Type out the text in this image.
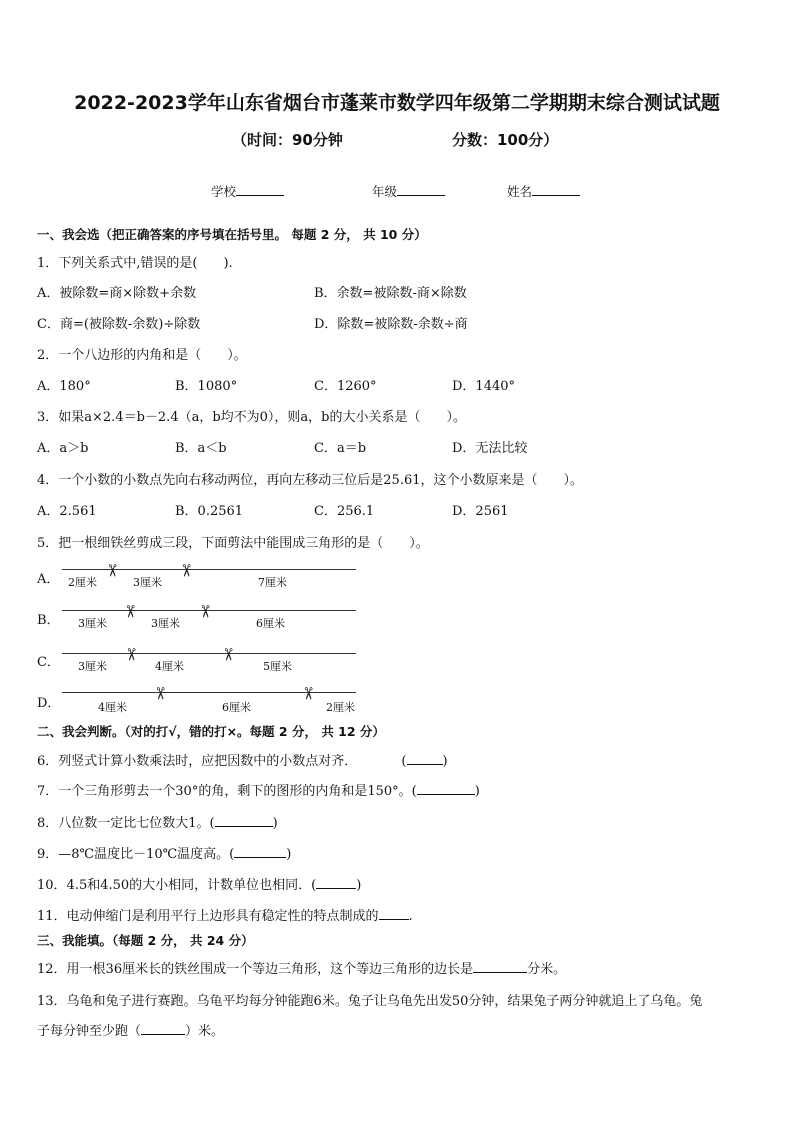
2022-2023学年山东省烟台市蓬莱市数学四年级第二学期期末综合测试试题
（时间：90分钟	分数：100分）
学校	年级	姓名
一、我会选（把正确答案的序号填在括号里。 每题 2 分， 共 10 分）
1．下列关系式中,错误的是(　　).
A．被除数=商×除数+余数	B．余数=被除数-商×除数
C．商=(被除数-余数)÷除数	D．除数=被除数-余数÷商
2．一个八边形的内角和是（　　）。
A．180°	B．1080°	C．1260°	D．1440°
3．如果a×2.4＝b－2.4（a，b均不为0），则a，b的大小关系是（　　）。
A．a＞b	B．a＜b	C．a＝b	D．无法比较
4．一个小数的小数点先向右移动两位，再向左移动三位后是25.61，这个小数原来是（　　）。
A．2.561	B．0.2561	C．256.1	D．2561
5．把一根细铁丝剪成三段，下面剪法中能围成三角形的是（　　）。
A．
✂	✂
2厘米	3厘米	7厘米
B．
✂	✂
3厘米	3厘米	6厘米
C．
✂	✂
3厘米	4厘米	5厘米
D．
✂	✂
4厘米	6厘米	2厘米
二、我会判断。（对的打√，错的打×。每题 2 分， 共 12 分）
6．列竖式计算小数乘法时，应把因数中的小数点对齐．	(	)
7．一个三角形剪去一个30°的角，剩下的图形的内角和是150°。(	)
8．八位数一定比七位数大1。(	)
9．—8℃温度比－10℃温度高。(	)
10．4.5和4.50的大小相同，计数单位也相同．(	)
11．电动伸缩门是利用平行上边形具有稳定性的特点制成的 .
三、我能填。（每题 2 分， 共 24 分）
12．用一根36厘米长的铁丝围成一个等边三角形，这个等边三角形的边长是	分米。
13．乌龟和兔子进行赛跑。乌龟平均每分钟能跑6米。兔子让乌龟先出发50分钟，结果兔子两分钟就追上了乌龟。兔
子每分钟至少跑（	）米。
